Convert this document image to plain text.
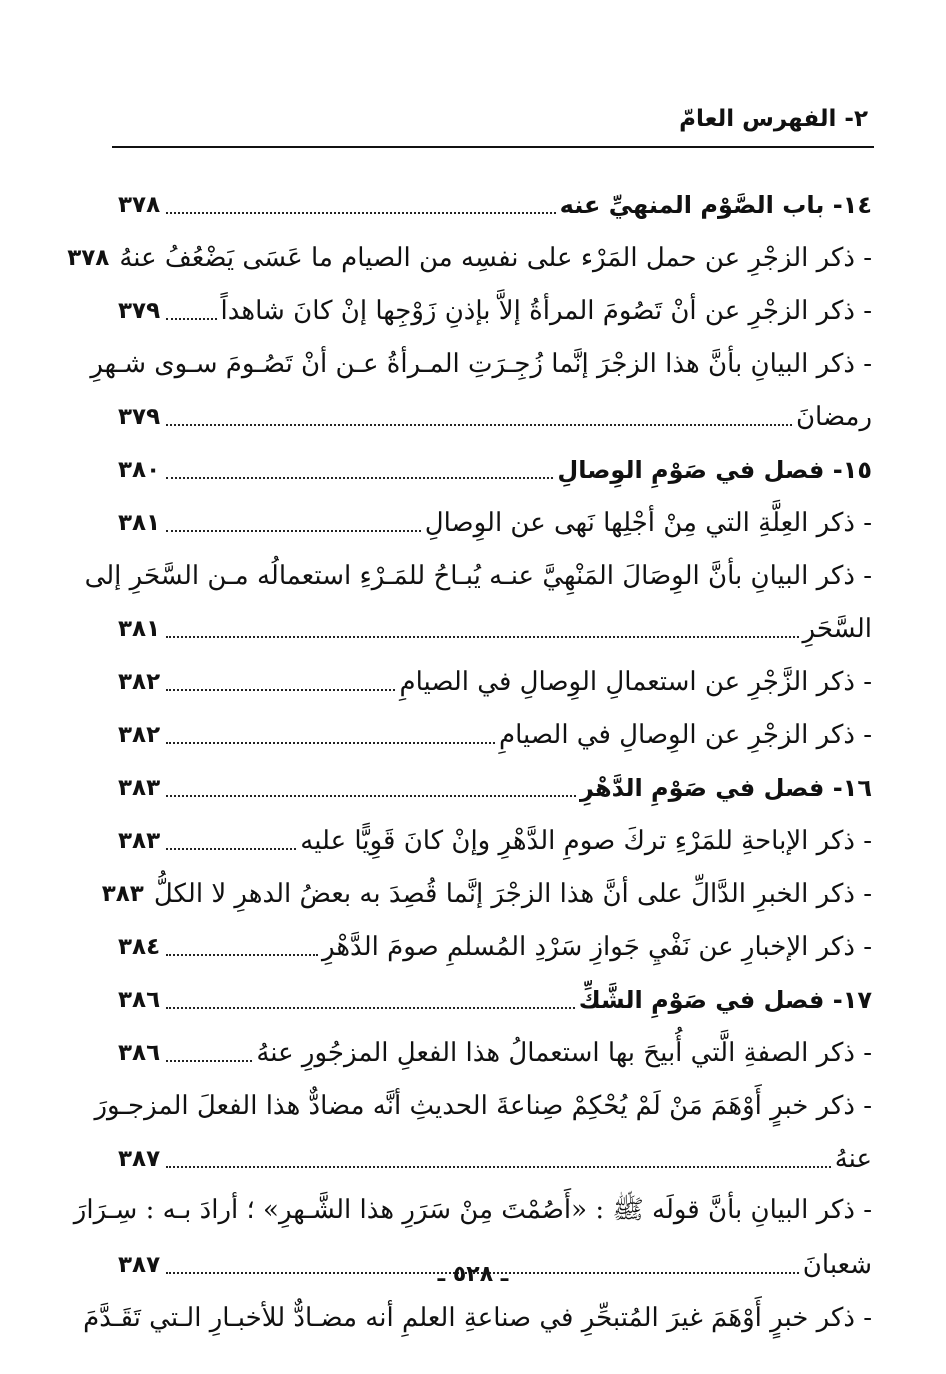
٢- الفهرس العامّ
١٤- باب الصَّوْم المنهيِّ عنه
٣٧٨
- ذكر الزجْرِ عن حمل المَرْء على نفسِه من الصيام ما عَسَى يَضْعُفُ عنهُ
٣٧٨
- ذكر الزجْرِ عن أنْ تَصُومَ المرأةُ إلاَّ بإذنِ زَوْجِها إنْ كانَ شاهداً
٣٧٩
- ذكر البيانِ بأنَّ هذا الزجْرَ إنَّما زُجِـرَتِ المـرأةُ عـن أنْ تَصُـومَ سـوى شـهرِ
رمضانَ
٣٧٩
١٥- فصل في صَوْمِ الوِصالِ
٣٨٠
- ذكر العِلَّةِ التي مِنْ أجْلِها نَهى عن الوِصالِ
٣٨١
- ذكر البيانِ بأنَّ الوِصَالَ المَنْهِيَّ عنـه يُبـاحُ للمَـرْءِ استعمالُه مـن السَّحَرِ إلى
السَّحَرِ
٣٨١
- ذكر الزَّجْرِ عن استعمالِ الوِصالِ في الصيامِ
٣٨٢
- ذكر الزجْرِ عن الوِصالِ في الصيامِ
٣٨٢
١٦- فصل في صَوْمِ الدَّهْرِ
٣٨٣
- ذكر الإباحةِ للمَرْءِ تركَ صومِ الدَّهْرِ وإنْ كانَ قَوِيًّا عليه
٣٨٣
- ذكر الخبرِ الدَّالِّ على أنَّ هذا الزجْرَ إنَّما قُصِدَ به بعضُ الدهرِ لا الكلُّ
٣٨٣
- ذكر الإخبارِ عن نَفْيِ جَوازِ سَرْدِ المُسلمِ صومَ الدَّهْرِ
٣٨٤
١٧- فصل في صَوْمِ الشَّكِّ
٣٨٦
- ذكر الصفةِ الَّتي أُبيحَ بها استعمالُ هذا الفعلِ المزجُورِ عنهُ
٣٨٦
- ذكر خبرٍ أَوْهَمَ مَنْ لَمْ يُحْكِمْ صِناعةَ الحديثِ أنَّه مضادٌّ هذا الفعلَ المزجـورَ
عنهُ
٣٨٧
- ذكر البيانِ بأنَّ قولَه ﷺ : «أَصُمْتَ مِنْ سَرَرِ هذا الشَّـهرِ» ؛ أرادَ بـه : سِـرَارَ
شعبانَ
٣٨٧
- ذكر خبرٍ أَوْهَمَ غيرَ المُتبحِّرِ في صناعةِ العلمِ أنه مضـادٌّ للأخبـارِ الـتي تَقَـدَّمَ
ـ ٥٢٨ ـ
